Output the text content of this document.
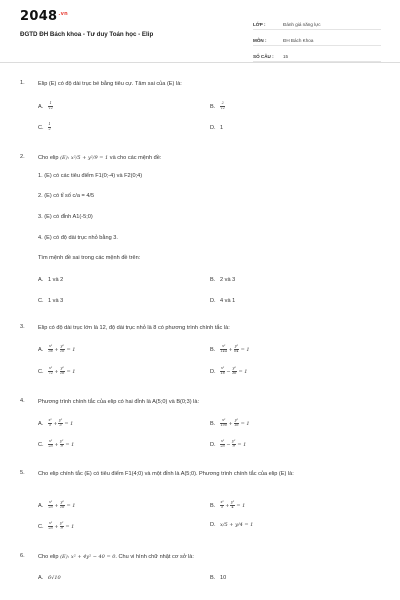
$2048^{.vn}$
ĐGTD ĐH Bách khoa - Tư duy Toán học - Elip
LỚP :	Đánh giá năng lực
MÔN :	ĐH Bách Khoa
SỐ CÂU :	15
1.	Elip (E) có độ dài trục bé bằng tiêu cự. Tâm sai của (E) là:
A. $\frac{1}{√2}$	B. $\frac{2}{√2}$
C. $\frac{1}{2}$	D. 1
2.	Cho elip (E): x²/5 + y²/9 = 1 và cho các mệnh đề:
1. (E) có các tiêu điểm F1(0;-4) và F2(0;4)
2. (E) có tỉ số c/a = 4/5
3. (E) có đỉnh A1(-5;0)
4. (E) có độ dài trục nhỏ bằng 3.
Tìm mệnh đề sai trong các mệnh đề trên:
A. 1 và 2	B. 2 và 3
C. 1 và 3	D. 4 và 1
3.	Elip có độ dài trục lớn là 12, độ dài trục nhỏ là 8 có phương trình chính tắc là:
A. $\frac{\text{x²}}{36} + \frac{\text{y²}}{16} = 1$	B. $\frac{\text{x²}}{144} + \frac{\text{y²}}{64} = 1$
C. $\frac{\text{x²}}{72} + \frac{\text{y²}}{16} = 1$	D. $\frac{\text{x²}}{16} - \frac{\text{y²}}{36} = 1$
4.	Phương trình chính tắc của elip có hai đỉnh là A(5;0) và B(0;3) là:
A. $\frac{\text{x²}}{5} + \frac{\text{y²}}{3} = 1$	B. $\frac{\text{x²}}{100} + \frac{\text{y²}}{16} = 1$
C. $\frac{\text{x²}}{25} + \frac{\text{y²}}{9} = 1$	D. $\frac{\text{x²}}{25} - \frac{\text{y²}}{9} = 1$
5.	Cho elip chính tắc (E) có tiêu điểm F1(4;0) và một đỉnh là A(5;0). Phương trình chính tắc của elip (E) là:
A. $\frac{\text{x²}}{25} + \frac{\text{y²}}{16} = 1$	B. $\frac{\text{x²}}{5} + \frac{\text{y²}}{4} = 1$
C. $\frac{\text{x²}}{25} + \frac{\text{y²}}{9} = 1$	D. x/5 + y/4 = 1
6.	Cho elip (E): x² + 4y² − 40 = 0. Chu vi hình chữ nhật cơ sở là:
A. 6√10	B. 10
